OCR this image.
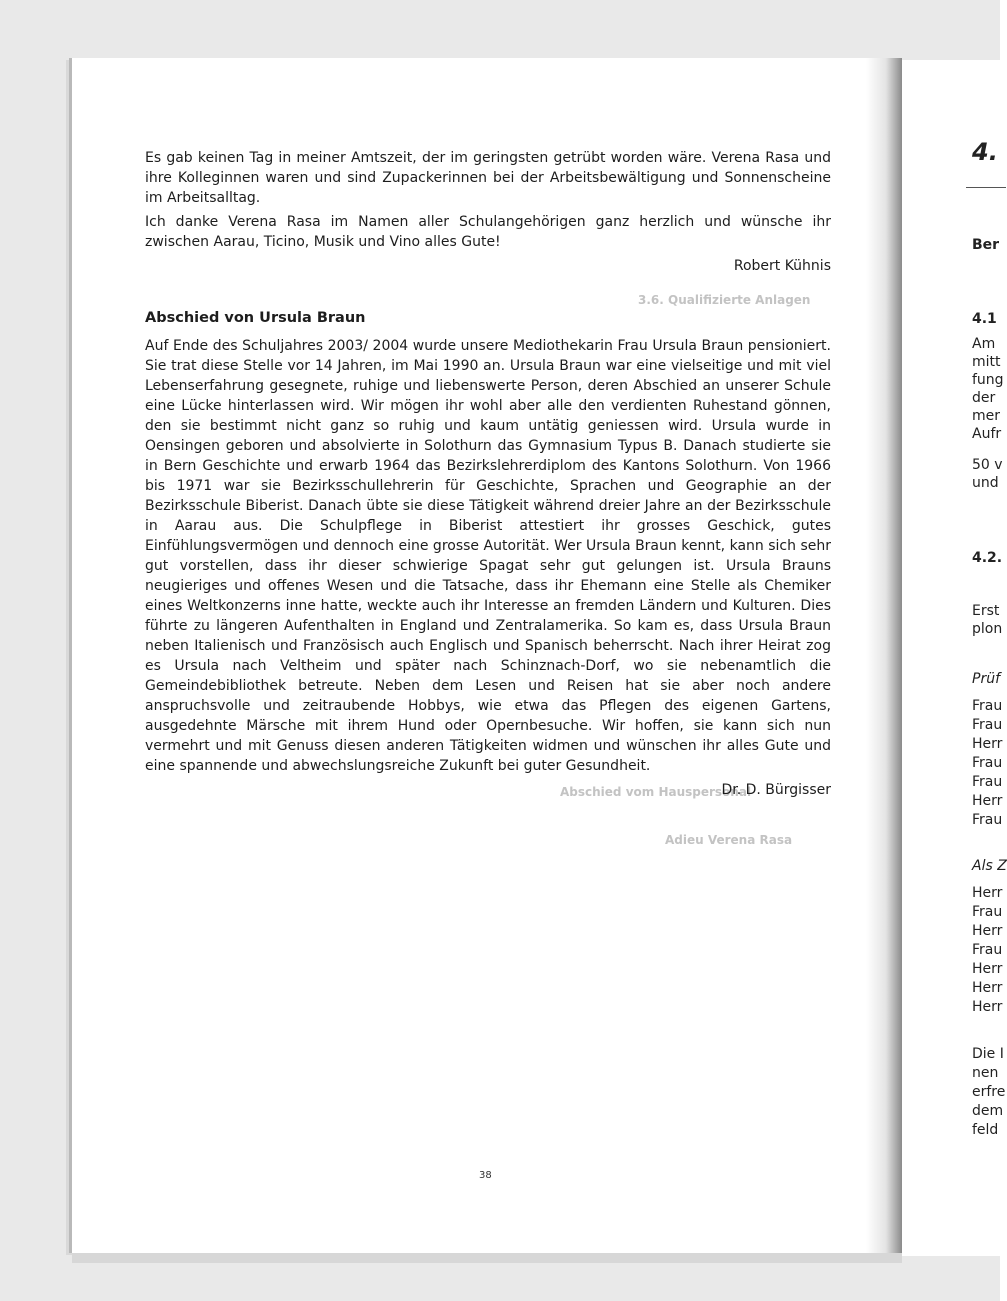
3.6. Qualifizierte Anlagen
Abschied vom Hauspersonal
Adieu Verena Rasa

Es gab keinen Tag in meiner Amtszeit, der im geringsten getrübt worden wäre. Verena Rasa und ihre Kolleginnen waren und sind Zupackerinnen bei der Arbeitsbewältigung und Sonnenscheine im Arbeitsalltag.

Ich danke Verena Rasa im Namen aller Schulangehörigen ganz herzlich und wünsche ihr zwischen Aarau, Ticino, Musik und Vino alles Gute!

Robert Kühnis

Abschied von Ursula Braun

Auf Ende des Schuljahres 2003/ 2004 wurde unsere Mediothekarin Frau Ursula Braun pensioniert. Sie trat diese Stelle vor 14 Jahren, im Mai 1990 an. Ursula Braun war eine vielseitige und mit viel Lebenserfahrung gesegnete, ruhige und liebenswerte Person, deren Abschied an unserer Schule eine Lücke hinterlassen wird. Wir mögen ihr wohl aber alle den verdienten Ruhestand gönnen, den sie bestimmt nicht ganz so ruhig und kaum untätig geniessen wird. Ursula wurde in Oensingen geboren und absolvierte in Solothurn das Gymnasium Typus B. Danach studierte sie in Bern Geschichte und erwarb 1964 das Bezirkslehrerdiplom des Kantons Solothurn. Von 1966 bis 1971 war sie Bezirksschullehrerin für Geschichte, Sprachen und Geographie an der Bezirksschule Biberist. Danach übte sie diese Tätigkeit während dreier Jahre an der Bezirksschule in Aarau aus. Die Schulpflege in Biberist attestiert ihr grosses Geschick, gutes Einfühlungsvermögen und dennoch eine grosse Autorität. Wer Ursula Braun kennt, kann sich sehr gut vorstellen, dass ihr dieser schwierige Spagat sehr gut gelungen ist. Ursula Brauns neugieriges und offenes Wesen und die Tatsache, dass ihr Ehemann eine Stelle als Chemiker eines Weltkonzerns inne hatte, weckte auch ihr Interesse an fremden Ländern und Kulturen. Dies führte zu längeren Aufenthalten in England und Zentralamerika. So kam es, dass Ursula Braun neben Italienisch und Französisch auch Englisch und Spanisch beherrscht. Nach ihrer Heirat zog es Ursula nach Veltheim und später nach Schinznach-Dorf, wo sie nebenamtlich die Gemeindebibliothek betreute. Neben dem Lesen und Reisen hat sie aber noch andere anspruchsvolle und zeitraubende Hobbys, wie etwa das Pflegen des eigenen Gartens, ausgedehnte Märsche mit ihrem Hund oder Opernbesuche. Wir hoffen, sie kann sich nun vermehrt und mit Genuss diesen anderen Tätigkeiten widmen und wünschen ihr alles Gute und eine spannende und abwechslungsreiche Zukunft bei guter Gesundheit.

Dr. D. Bürgisser

38
4.
Ber
4.1
Am
mitt
fung
der
mer
Aufr
50 v
und
4.2.
Erst
plon
Prüf
Frau
Frau
Herr
Frau
Frau
Herr
Frau
Als Z
Herr
Frau
Herr
Frau
Herr
Herr
Herr
Die I
nen
erfre
dem
feld
